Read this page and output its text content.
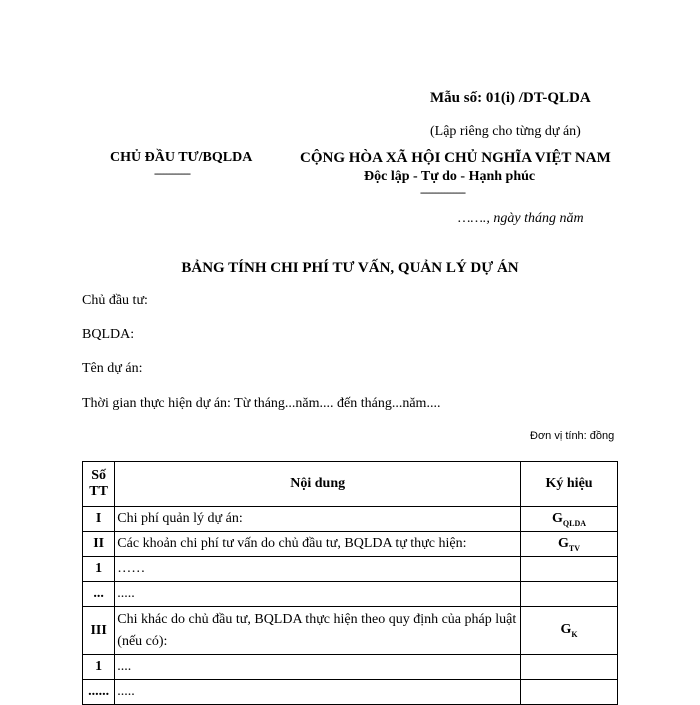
Mẫu số: 01(i) /DT-QLDA
(Lập riêng cho từng dự án)
CHỦ ĐẦU TƯ/BQLDA
------------
CỘNG HÒA XÃ HỘI CHỦ NGHĨA VIỆT NAM
Độc lập - Tự do - Hạnh phúc
---------------
……., ngày tháng năm
BẢNG TÍNH CHI PHÍ TƯ VẤN, QUẢN LÝ DỰ ÁN
Chủ đầu tư:
BQLDA:
Tên dự án:
Thời gian thực hiện dự án: Từ tháng...năm.... đến tháng...năm....
Đơn vị tính: đồng
Số TT	Nội dung	Ký hiệu
I	Chi phí quản lý dự án:	$G_{QLDA}$
II	Các khoản chi phí tư vấn do chủ đầu tư, BQLDA tự thực hiện:	$G_{TV}$
1	……	
...	.....	
III	Chi khác do chủ đầu tư, BQLDA thực hiện theo quy định của pháp luật (nếu có):	$G_K$
1	....	
......	.....	
